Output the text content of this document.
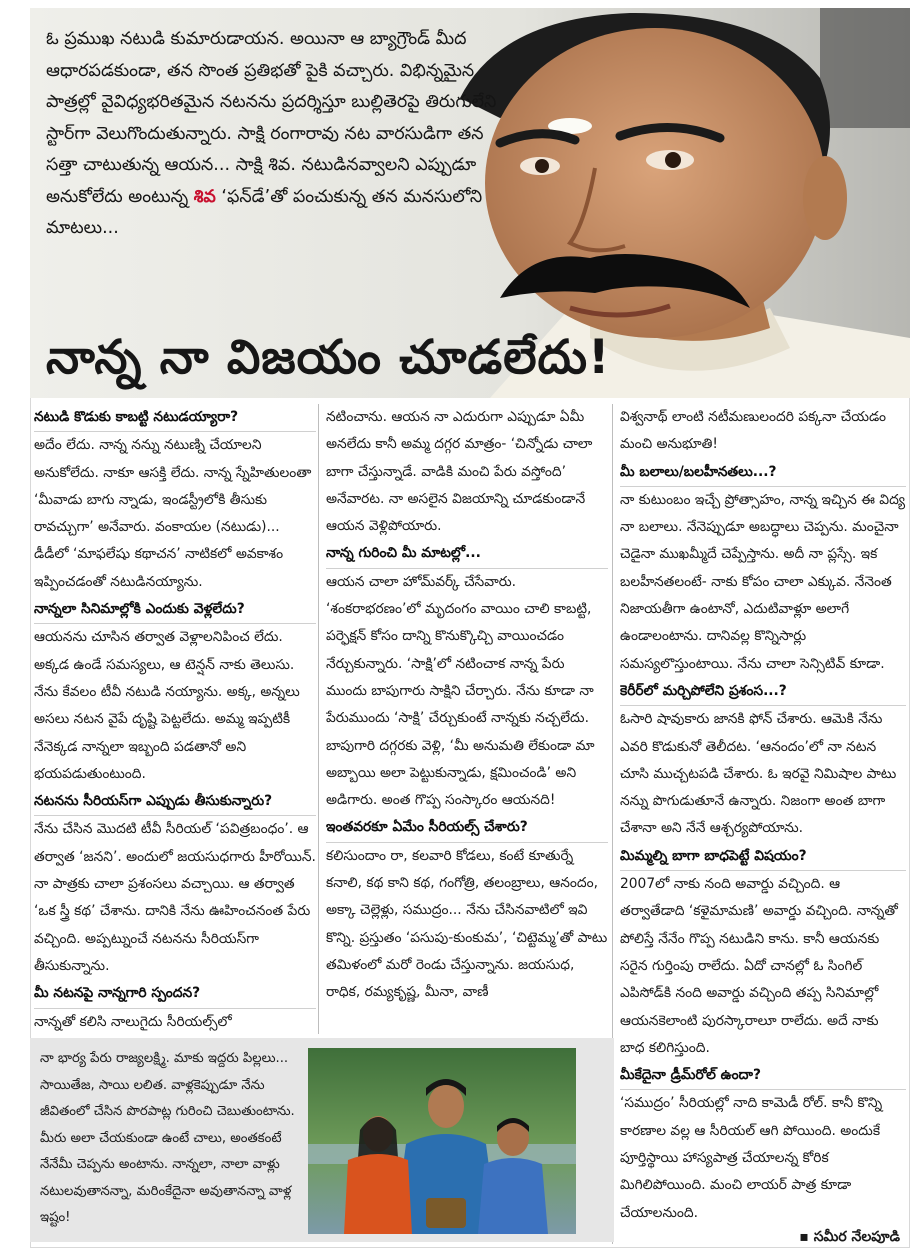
ఓ ప్రముఖ నటుడి కుమారుడాయన. అయినా ఆ బ్యాగ్రౌండ్ మీద ఆధారపడకుండా, తన సొంత ప్రతిభతో పైకి వచ్చారు. విభిన్నమైన పాత్రల్లో వైవిధ్యభరితమైన నటనను ప్రదర్శిస్తూ బుల్లితెరపై తిరుగులేని స్టార్‌గా వెలుగొందుతున్నారు. సాక్షి రంగారావు నట వారసుడిగా తన సత్తా చాటుతున్న ఆయన... సాక్షి శివ. నటుడినవ్వాలని ఎప్పుడూ అనుకోలేదు అంటున్న శివ ‘ఫన్‌డే’తో పంచుకున్న తన మనసులోని మాటలు...
నాన్న నా విజయం చూడలేదు!
నటుడి కొడుకు కాబట్టి నటుడయ్యారా?
అదేం లేదు. నాన్న నన్ను నటుణ్ని చేయాలని అనుకోలేదు. నాకూ ఆసక్తి లేదు. నాన్న స్నేహితులంతా ‘మీవాడు బాగు న్నాడు, ఇండస్ట్రీలోకి తీసుకు రావచ్చుగా’ అనేవారు. వంకాయల (నటుడు)... డీడీలో ‘మాఫలేషు కథాచన’ నాటికలో అవకాశం ఇప్పించడంతో నటుడినయ్యాను.
నాన్నలా సినిమాల్లోకి ఎందుకు వెళ్లలేదు?
ఆయనను చూసిన తర్వాత వెళ్లాలనిపించ లేదు. అక్కడ ఉండే సమస్యలు, ఆ టెన్షన్ నాకు తెలుసు. నేను కేవలం టీవీ నటుడి నయ్యాను. అక్క, అన్నలు అసలు నటన వైపే దృష్టి పెట్టలేదు. అమ్మ ఇప్పటికీ నేనెక్కడ నాన్నలా ఇబ్బంది పడతానో అని భయపడుతుంటుంది.
నటనను సీరియస్‌గా ఎప్పుడు తీసుకున్నారు?
నేను చేసిన మొదటి టీవీ సీరియల్ ‘పవిత్రబంధం’. ఆ తర్వాత ‘జనని’. అందులో జయసుధగారు హీరోయిన్. నా పాత్రకు చాలా ప్రశంసలు వచ్చాయి. ఆ తర్వాత ‘ఒక స్త్రీ కథ’ చేశాను. దానికి నేను ఊహించనంత పేరు వచ్చింది. అప్పట్నుంచే నటనను సీరియస్‌గా తీసుకున్నాను.
మీ నటనపై నాన్నగారి స్పందన?
నాన్నతో కలిసి నాలుగైదు సీరియల్స్‌లో
నటించాను. ఆయన నా ఎదురుగా ఎప్పుడూ ఏమీ అనలేదు కానీ అమ్మ దగ్గర మాత్రం- ‘చిన్నోడు చాలా బాగా చేస్తున్నాడే. వాడికి మంచి పేరు వస్తోంది’ అనేవారట. నా అసలైన విజయాన్ని చూడకుండానే ఆయన వెళ్లిపోయారు.
నాన్న గురించి మీ మాటల్లో...
ఆయన చాలా హోమ్‌వర్క్ చేసేవారు. ‘శంకరాభరణం’లో మృదంగం వాయిం చాలి కాబట్టి, పర్ఫెక్షన్ కోసం దాన్ని కొనుక్కొచ్చి వాయించడం నేర్చుకున్నారు. ‘సాక్షి’లో నటించాక నాన్న పేరు ముందు బాపుగారు సాక్షిని చేర్చారు. నేను కూడా నా పేరుముందు ‘సాక్షి’ చేర్చుకుంటే నాన్నకు నచ్చలేదు. బాపుగారి దగ్గరకు వెళ్లి, ‘మీ అనుమతి లేకుండా మా అబ్బాయి అలా పెట్టుకున్నాడు, క్షమించండి’ అని అడిగారు. అంత గొప్ప సంస్కారం ఆయనది!
ఇంతవరకూ ఏమేం సీరియల్స్ చేశారు?
కలిసుందాం రా, కలవారి కోడలు, కంటే కూతుర్నే కనాలి, కథ కాని కథ, గంగోత్రి, తలంబ్రాలు, ఆనందం, అక్కా చెల్లెళ్లు, సముద్రం... నేను చేసినవాటిలో ఇవి కొన్ని. ప్రస్తుతం ‘పసుపు-కుంకుమ’, ‘చిట్టెమ్మ’తో పాటు తమిళంలో మరో రెండు చేస్తున్నాను. జయసుధ, రాధిక, రమ్యకృష్ణ, మీనా, వాణీ
విశ్వనాథ్ లాంటి నటీమణులందరి పక్కనా చేయడం మంచి అనుభూతి!
మీ బలాలు/బలహీనతలు...?
నా కుటుంబం ఇచ్చే ప్రోత్సాహం, నాన్న ఇచ్చిన ఈ విద్య నా బలాలు. నేనెప్పుడూ అబద్ధాలు చెప్పను. మంచైనా చెడైనా ముఖమ్మీదే చెప్పేస్తాను. అదీ నా ప్లస్సే. ఇక బలహీనతలంటే- నాకు కోపం చాలా ఎక్కువ. నేనెంత నిజాయతీగా ఉంటానో, ఎదుటివాళ్లూ అలాగే ఉండాలంటాను. దానివల్ల కొన్నిసార్లు సమస్యలొస్తుంటాయి. నేను చాలా సెన్సిటివ్ కూడా.
కెరీర్‌లో మర్చిపోలేని ప్రశంస...?
ఓసారి షావుకారు జానకి ఫోన్ చేశారు. ఆమెకి నేను ఎవరి కొడుకునో తెలీదట. ‘ఆనందం’లో నా నటన చూసి ముచ్చటపడి చేశారు. ఓ ఇరవై నిమిషాల పాటు నన్ను పొగుడుతూనే ఉన్నారు. నిజంగా అంత బాగా చేశానా అని నేనే ఆశ్చర్యపోయాను.
మిమ్మల్ని బాగా బాధపెట్టే విషయం?
2007లో నాకు నంది అవార్డు వచ్చింది. ఆ తర్వాతేడాది ‘కళైమామణి’ అవార్డు వచ్చింది. నాన్నతో పోలిస్తే నేనేం గొప్ప నటుడిని కాను. కానీ ఆయనకు సరైన గుర్తింపు రాలేదు. ఏదో చానల్లో ఓ సింగిల్ ఎపిసోడ్‌కి నంది అవార్డు వచ్చింది తప్ప సినిమాల్లో ఆయనకెలాంటి పురస్కారాలూ రాలేదు. అదే నాకు బాధ కలిగిస్తుంది.
మీకేదైనా డ్రీమ్‌రోల్ ఉందా?
‘సముద్రం’ సీరియల్లో నాది కామెడీ రోల్. కానీ కొన్ని కారణాల వల్ల ఆ సీరియల్ ఆగి పోయింది. అందుకే పూర్తిస్థాయి హాస్యపాత్ర చేయాలన్న కోరిక మిగిలిపోయింది. మంచి లాయర్ పాత్ర కూడా చేయాలనుంది.
నా భార్య పేరు రాజ్యలక్ష్మి. మాకు ఇద్దరు పిల్లలు... సాయితేజ, సాయి లలిత. వాళ్లకెప్పుడూ నేను జీవితంలో చేసిన పొరపాట్ల గురించి చెబుతుంటాను. మీరు అలా చేయకుండా ఉంటే చాలు, అంతకంటే నేనేమీ చెప్పను అంటాను. నాన్నలా, నాలా వాళ్లు నటులవుతానన్నా, మరింకేదైనా అవుతానన్నా వాళ్ల ఇష్టం!
▪ సమీర నేలపూడి
